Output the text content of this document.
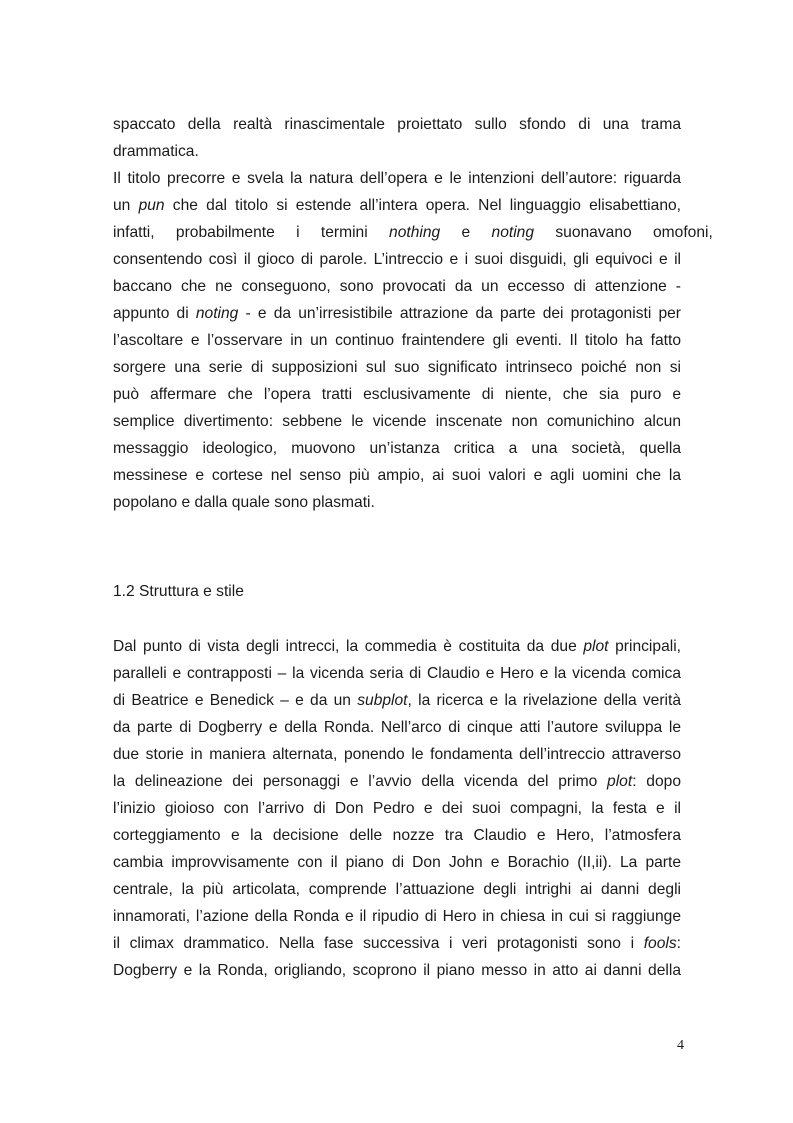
spaccato della realtà rinascimentale proiettato sullo sfondo di una trama
drammatica.
Il titolo precorre e svela la natura dell’opera e le intenzioni dell’autore: riguarda
un pun che dal titolo si estende all’intera opera. Nel linguaggio elisabettiano,
infatti, probabilmente i termini nothing e noting suonavano omofoni,
consentendo così il gioco di parole. L’intreccio e i suoi disguidi, gli equivoci e il
baccano che ne conseguono, sono provocati da un eccesso di attenzione -
appunto di noting - e da un’irresistibile attrazione da parte dei protagonisti per
l’ascoltare e l’osservare in un continuo fraintendere gli eventi. Il titolo ha fatto
sorgere una serie di supposizioni sul suo significato intrinseco poiché non si
può affermare che l’opera tratti esclusivamente di niente, che sia puro e
semplice divertimento: sebbene le vicende inscenate non comunichino alcun
messaggio ideologico, muovono un’istanza critica a una società, quella
messinese e cortese nel senso più ampio, ai suoi valori e agli uomini che la
popolano e dalla quale sono plasmati.
1.2 Struttura e stile
Dal punto di vista degli intrecci, la commedia è costituita da due plot principali,
paralleli e contrapposti – la vicenda seria di Claudio e Hero e la vicenda comica
di Beatrice e Benedick – e da un subplot, la ricerca e la rivelazione della verità
da parte di Dogberry e della Ronda. Nell’arco di cinque atti l’autore sviluppa le
due storie in maniera alternata, ponendo le fondamenta dell’intreccio attraverso
la delineazione dei personaggi e l’avvio della vicenda del primo plot: dopo
l’inizio gioioso con l’arrivo di Don Pedro e dei suoi compagni, la festa e il
corteggiamento e la decisione delle nozze tra Claudio e Hero, l’atmosfera
cambia improvvisamente con il piano di Don John e Borachio (II,ii). La parte
centrale, la più articolata, comprende l’attuazione degli intrighi ai danni degli
innamorati, l’azione della Ronda e il ripudio di Hero in chiesa in cui si raggiunge
il climax drammatico. Nella fase successiva i veri protagonisti sono i fools:
Dogberry e la Ronda, origliando, scoprono il piano messo in atto ai danni della
4
